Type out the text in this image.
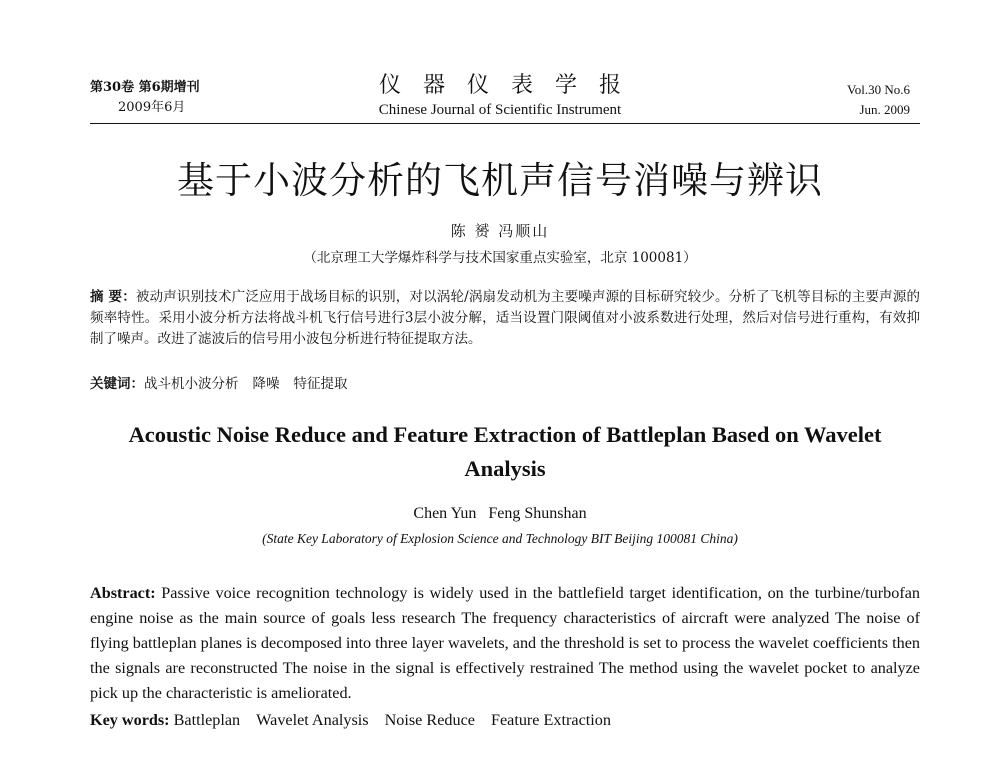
第30卷 第6期增刊
2009年6月
仪器仪表学报
Chinese Journal of Scientific Instrument
Vol.30 No.6
Jun. 2009
基于小波分析的飞机声信号消噪与辨识
陈 赟 冯顺山
（北京理工大学爆炸科学与技术国家重点实验室，北京 100081）
摘 要：被动声识别技术广泛应用于战场目标的识别，对以涡轮/涡扇发动机为主要噪声源的目标研究较少。分析了飞机等目标的主要声源的频率特性。采用小波分析方法将战斗机飞行信号进行3层小波分解，适当设置门限阈值对小波系数进行处理，然后对信号进行重构，有效抑制了噪声。改进了滤波后的信号用小波包分析进行特征提取方法。
关键词：战斗机小波分析 降噪 特征提取
Acoustic Noise Reduce and Feature Extraction of Battleplan Based on Wavelet Analysis
Chen Yun Feng Shunshan
(State Key Laboratory of Explosion Science and Technology BIT Beijing 100081 China)
Abstract: Passive voice recognition technology is widely used in the battlefield target identification, on the turbine/turbofan engine noise as the main source of goals less research The frequency characteristics of aircraft were analyzed The noise of flying battleplan planes is decomposed into three layer wavelets, and the threshold is set to process the wavelet coefficients then the signals are reconstructed The noise in the signal is effectively restrained The method using the wavelet pocket to analyze pick up the characteristic is ameliorated.
Key words: Battleplan Wavelet Analysis Noise Reduce Feature Extraction
